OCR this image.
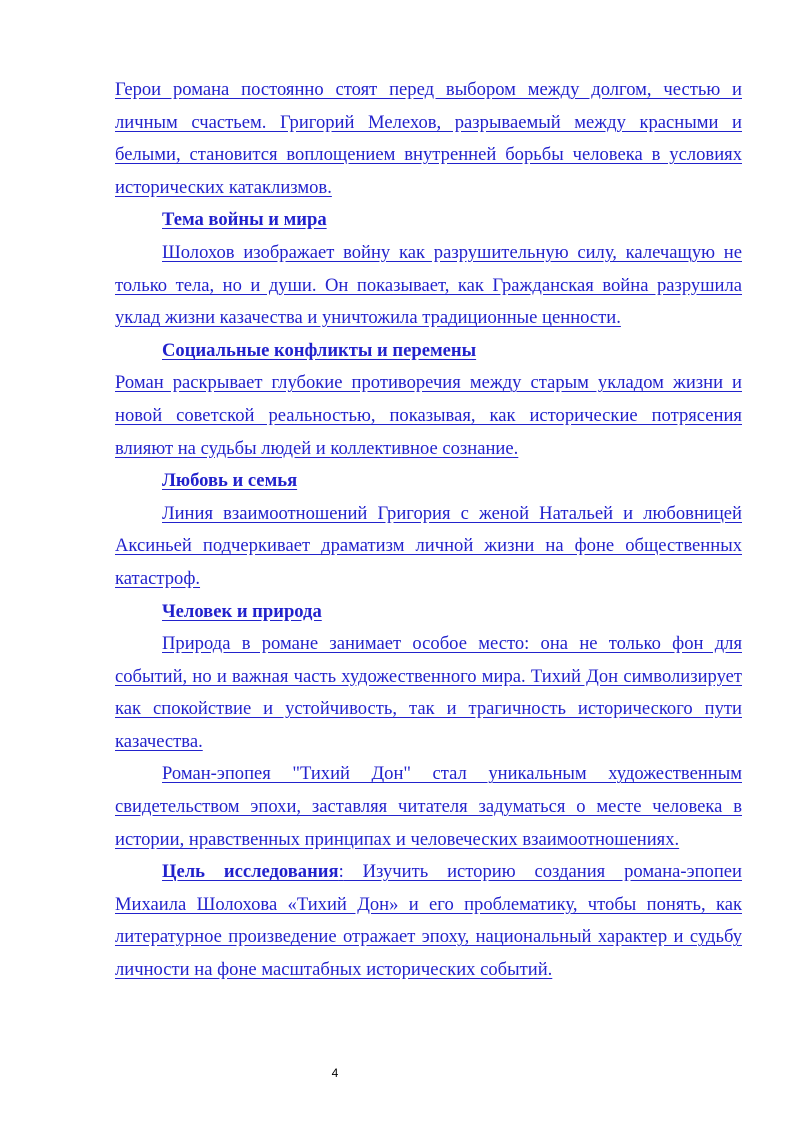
Герои романа постоянно стоят перед выбором между долгом, честью и личным счастьем. Григорий Мелехов, разрываемый между красными и белыми, становится воплощением внутренней борьбы человека в условиях исторических катаклизмов.

Тема войны и мира

Шолохов изображает войну как разрушительную силу, калечащую не только тела, но и души. Он показывает, как Гражданская война разрушила уклад жизни казачества и уничтожила традиционные ценности.

Социальные конфликты и перемены

Роман раскрывает глубокие противоречия между старым укладом жизни и новой советской реальностью, показывая, как исторические потрясения влияют на судьбы людей и коллективное сознание.

Любовь и семья

Линия взаимоотношений Григория с женой Натальей и любовницей Аксиньей подчеркивает драматизм личной жизни на фоне общественных катастроф.

Человек и природа

Природа в романе занимает особое место: она не только фон для событий, но и важная часть художественного мира. Тихий Дон символизирует как спокойствие и устойчивость, так и трагичность исторического пути казачества.

Роман-эпопея "Тихий Дон" стал уникальным художественным свидетельством эпохи, заставляя читателя задуматься о месте человека в истории, нравственных принципах и человеческих взаимоотношениях.

Цель исследования: Изучить историю создания романа-эпопеи Михаила Шолохова «Тихий Дон» и его проблематику, чтобы понять, как литературное произведение отражает эпоху, национальный характер и судьбу личности на фоне масштабных исторических событий.

4
